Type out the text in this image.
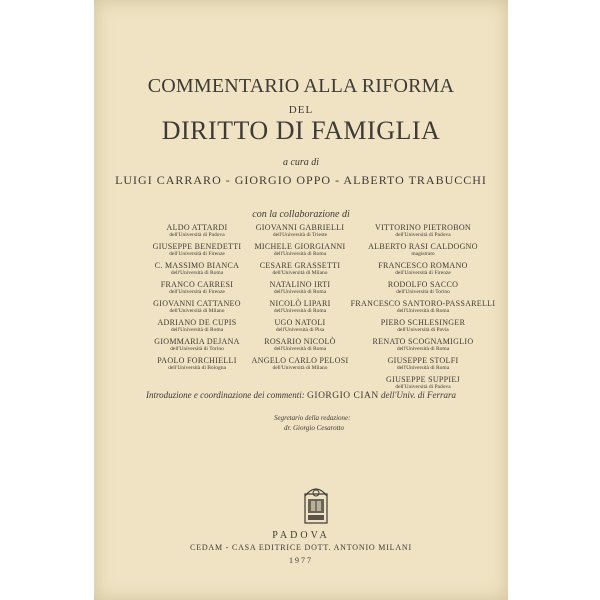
COMMENTARIO ALLA RIFORMA
DEL
DIRITTO DI FAMIGLIA
a cura di
LUIGI CARRARO - GIORGIO OPPO - ALBERTO TRABUCCHI
con la collaborazione di
ALDO ATTARDI
dell'Università di Padova
GIUSEPPE BENEDETTI
dell'Università di Firenze
C. MASSIMO BIANCA
dell'Università di Roma
FRANCO CARRESI
dell'Università di Firenze
GIOVANNI CATTANEO
dell'Università di Milano
ADRIANO DE CUPIS
dell'Università di Roma
GIOMMARIA DEJANA
dell'Università di Torino
PAOLO FORCHIELLI
dell'Università di Bologna
GIOVANNI GABRIELLI
dell'Università di Trieste
MICHELE GIORGIANNI
dell'Università di Roma
CESARE GRASSETTI
dell'Università di Milano
NATALINO IRTI
dell'Università di Roma
NICOLÒ LIPARI
dell'Università di Roma
UGO NATOLI
dell'Università di Pisa
ROSARIO NICOLÒ
dell'Università di Roma
ANGELO CARLO PELOSI
dell'Università di Milano
VITTORINO PIETROBON
dell'Università di Padova
ALBERTO RASI CALDOGNO
magistrato
FRANCESCO ROMANO
dell'Università di Firenze
RODOLFO SACCO
dell'Università di Torino
FRANCESCO SANTORO-PASSARELLI
dell'Università di Roma
PIERO SCHLESINGER
dell'Università di Pavia
RENATO SCOGNAMIGLIO
dell'Università di Roma
GIUSEPPE STOLFI
dell'Università di Roma
GIUSEPPE SUPPIEJ
dell'Università di Padova
Introduzione e coordinazione dei commenti: GIORGIO CIAN dell'Univ. di Ferrara
Segretario della redazione:
dr. Giorgio Cesarotto
PADOVA
CEDAM - CASA EDITRICE DOTT. ANTONIO MILANI
1977
